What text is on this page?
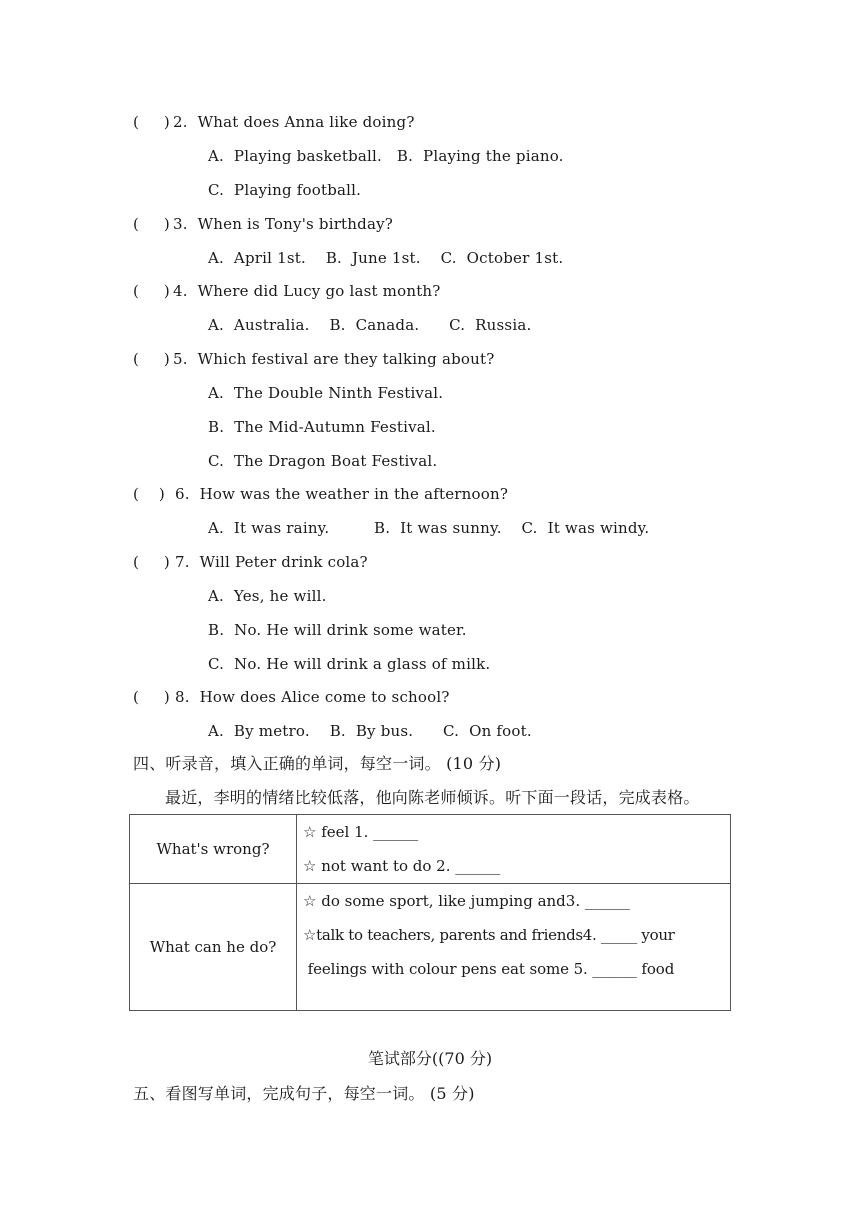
(     ) 2.  What does Anna like doing?
A.  Playing basketball.   B.  Playing the piano.
C.  Playing football.
(     ) 3.  When is Tony's birthday?
A.  April 1st.    B.  June 1st.    C.  October 1st.
(     ) 4.  Where did Lucy go last month?
A.  Australia.    B.  Canada.      C.  Russia.
(     ) 5.  Which festival are they talking about?
A.  The Double Ninth Festival.
B.  The Mid-Autumn Festival.
C.  The Dragon Boat Festival.
(    ) 6.  How was the weather in the afternoon?
A.  It was rainy.         B.  It was sunny.    C.  It was windy.
(     ) 7.  Will Peter drink cola?
A.  Yes, he will.
B.  No. He will drink some water.
C.  No. He will drink a glass of milk.
(     ) 8.  How does Alice come to school?
A.  By metro.    B.  By bus.      C.  On foot.
四、听录音，填入正确的单词，每空一词。 (10 分)
最近，李明的情绪比较低落，他向陈老师倾诉。听下面一段话，完成表格。
What's wrong?	☆ feel 1. ______
☆ not want to do 2. ______

What can he do?	☆ do some sport, like jumping and3. ______
☆talk to teachers, parents and friends4. _____ your
feelings with colour pens eat some 5. ______ food
笔试部分((70 分)
五、看图写单词，完成句子，每空一词。 (5 分)
